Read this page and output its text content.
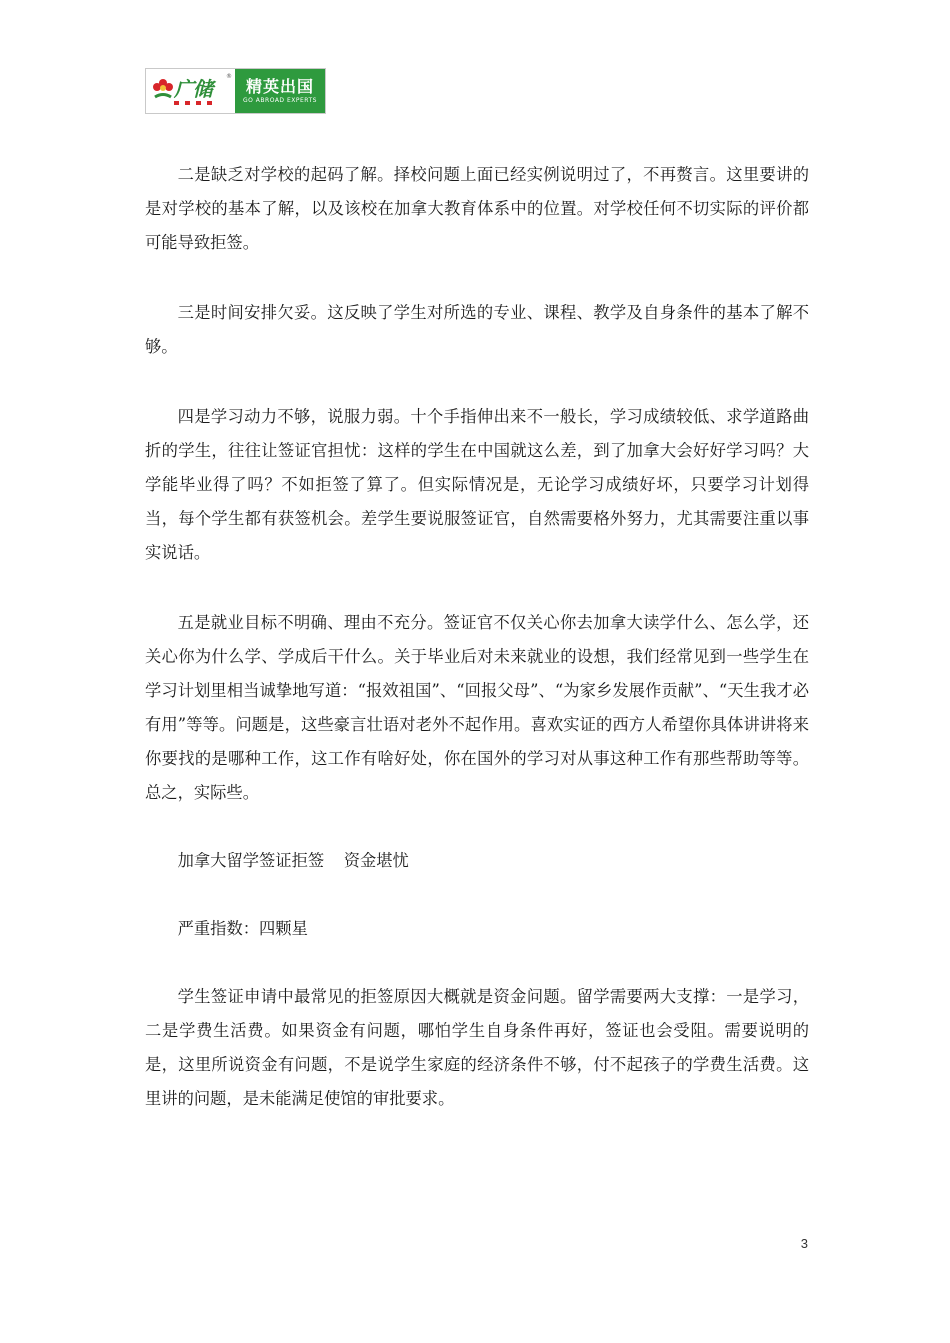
广储
® 精英出国
GO ABROAD EXPERTS

二是缺乏对学校的起码了解。择校问题上面已经实例说明过了，不再赘言。这里要讲的是对学校的基本了解，以及该校在加拿大教育体系中的位置。对学校任何不切实际的评价都可能导致拒签。

三是时间安排欠妥。这反映了学生对所选的专业、课程、教学及自身条件的基本了解不够。

四是学习动力不够，说服力弱。十个手指伸出来不一般长，学习成绩较低、求学道路曲折的学生，往往让签证官担忧：这样的学生在中国就这么差，到了加拿大会好好学习吗？大学能毕业得了吗？不如拒签了算了。但实际情况是，无论学习成绩好坏，只要学习计划得当，每个学生都有获签机会。差学生要说服签证官，自然需要格外努力，尤其需要注重以事实说话。

五是就业目标不明确、理由不充分。签证官不仅关心你去加拿大读学什么、怎么学，还关心你为什么学、学成后干什么。关于毕业后对未来就业的设想，我们经常见到一些学生在学习计划里相当诚挚地写道：“报效祖国”、“回报父母”、“为家乡发展作贡献”、“天生我才必有用”等等。问题是，这些豪言壮语对老外不起作用。喜欢实证的西方人希望你具体讲讲将来你要找的是哪种工作，这工作有啥好处，你在国外的学习对从事这种工作有那些帮助等等。总之，实际些。

加拿大留学签证拒签 资金堪忧

严重指数：四颗星

学生签证申请中最常见的拒签原因大概就是资金问题。留学需要两大支撑：一是学习，二是学费生活费。如果资金有问题，哪怕学生自身条件再好，签证也会受阻。需要说明的是，这里所说资金有问题，不是说学生家庭的经济条件不够，付不起孩子的学费生活费。这里讲的问题，是未能满足使馆的审批要求。

3
